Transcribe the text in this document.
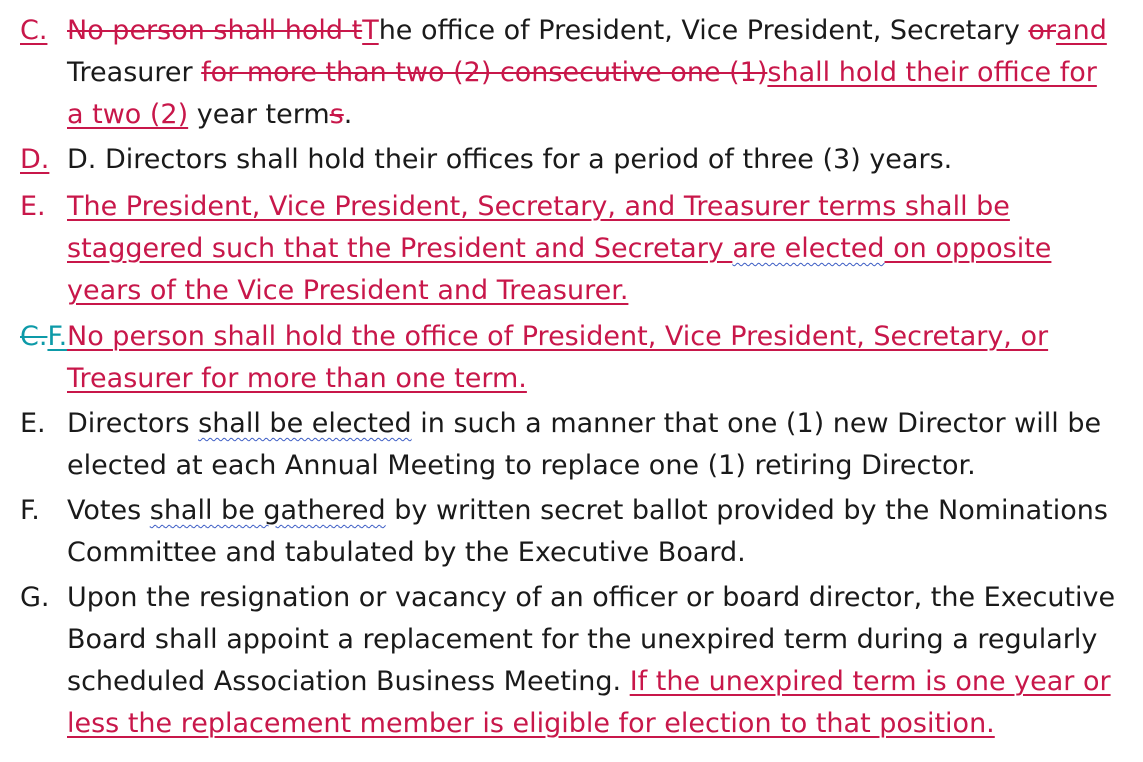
C.No person shall hold tThe office of President, Vice President, Secretary orand
Treasurer for more than two (2) consecutive one (1)shall hold their office for
a two (2) year terms.
D.D. Directors shall hold their offices for a period of three (3) years.
E.The President, Vice President, Secretary, and Treasurer terms shall be
staggered such that the President and Secretary are elected on opposite
years of the Vice President and Treasurer.
C.F.No person shall hold the office of President, Vice President, Secretary, or
Treasurer for more than one term.
E. Directors shall be elected in such a manner that one (1) new Director will be
elected at each Annual Meeting to replace one (1) retiring Director.
F. Votes shall be gathered by written secret ballot provided by the Nominations
Committee and tabulated by the Executive Board.
G. Upon the resignation or vacancy of an officer or board director, the Executive
Board shall appoint a replacement for the unexpired term during a regularly
scheduled Association Business Meeting. If the unexpired term is one year or
less the replacement member is eligible for election to that position.
